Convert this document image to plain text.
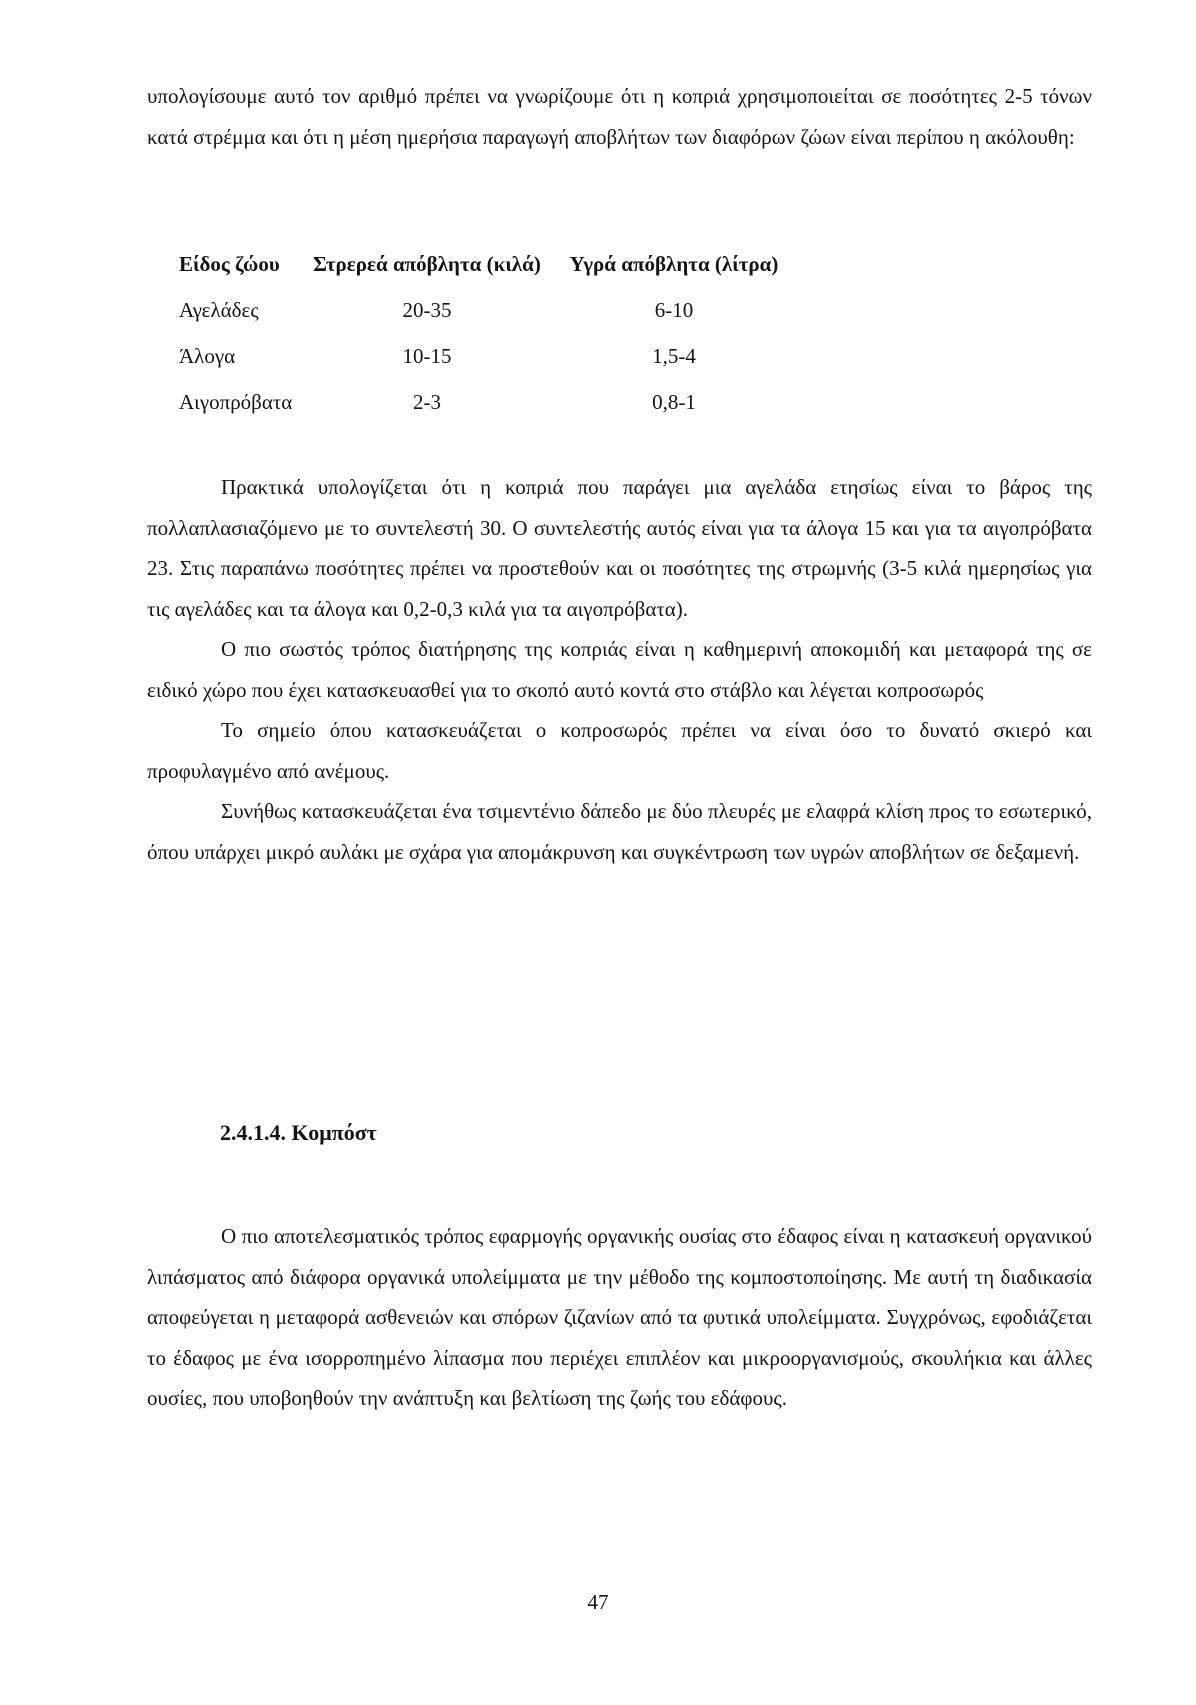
υπολογίσουμε αυτό τον αριθμό πρέπει να γνωρίζουμε ότι η κοπριά χρησιμοποιείται σε ποσότητες 2-5 τόνων κατά στρέμμα και ότι η μέση ημερήσια παραγωγή αποβλήτων των διαφόρων ζώων είναι περίπου η ακόλουθη:

Είδος ζώου	Στρερεά απόβλητα (κιλά)	Υγρά απόβλητα (λίτρα)
Αγελάδες	20-35	6-10
Άλογα	10-15	1,5-4
Αιγοπρόβατα	2-3	0,8-1

Πρακτικά υπολογίζεται ότι η κοπριά που παράγει μια αγελάδα ετησίως είναι το βάρος της πολλαπλασιαζόμενο με το συντελεστή 30. Ο συντελεστής αυτός είναι για τα άλογα 15 και για τα αιγοπρόβατα 23. Στις παραπάνω ποσότητες πρέπει να προστεθούν και οι ποσότητες της στρωμνής (3-5 κιλά ημερησίως για τις αγελάδες και τα άλογα και 0,2-0,3 κιλά για τα αιγοπρόβατα).

Ο πιο σωστός τρόπος διατήρησης της κοπριάς είναι η καθημερινή αποκομιδή και μεταφορά της σε ειδικό χώρο που έχει κατασκευασθεί για το σκοπό αυτό κοντά στο στάβλο και λέγεται κοπροσωρός

Το σημείο όπου κατασκευάζεται ο κοπροσωρός πρέπει να είναι όσο το δυνατό σκιερό και προφυλαγμένο από ανέμους.

Συνήθως κατασκευάζεται ένα τσιμεντένιο δάπεδο με δύο πλευρές με ελαφρά κλίση προς το εσωτερικό, όπου υπάρχει μικρό αυλάκι με σχάρα για απομάκρυνση και συγκέντρωση των υγρών αποβλήτων σε δεξαμενή.

2.4.1.4. Κομπόστ

Ο πιο αποτελεσματικός τρόπος εφαρμογής οργανικής ουσίας στο έδαφος είναι η κατασκευή οργανικού λιπάσματος από διάφορα οργανικά υπολείμματα με την μέθοδο της κομποστοποίησης. Με αυτή τη διαδικασία αποφεύγεται η μεταφορά ασθενειών και σπόρων ζιζανίων από τα φυτικά υπολείμματα. Συγχρόνως, εφοδιάζεται το έδαφος με ένα ισορροπημένο λίπασμα που περιέχει επιπλέον και μικροοργανισμούς, σκουλήκια και άλλες ουσίες, που υποβοηθούν την ανάπτυξη και βελτίωση της ζωής του εδάφους.

47
